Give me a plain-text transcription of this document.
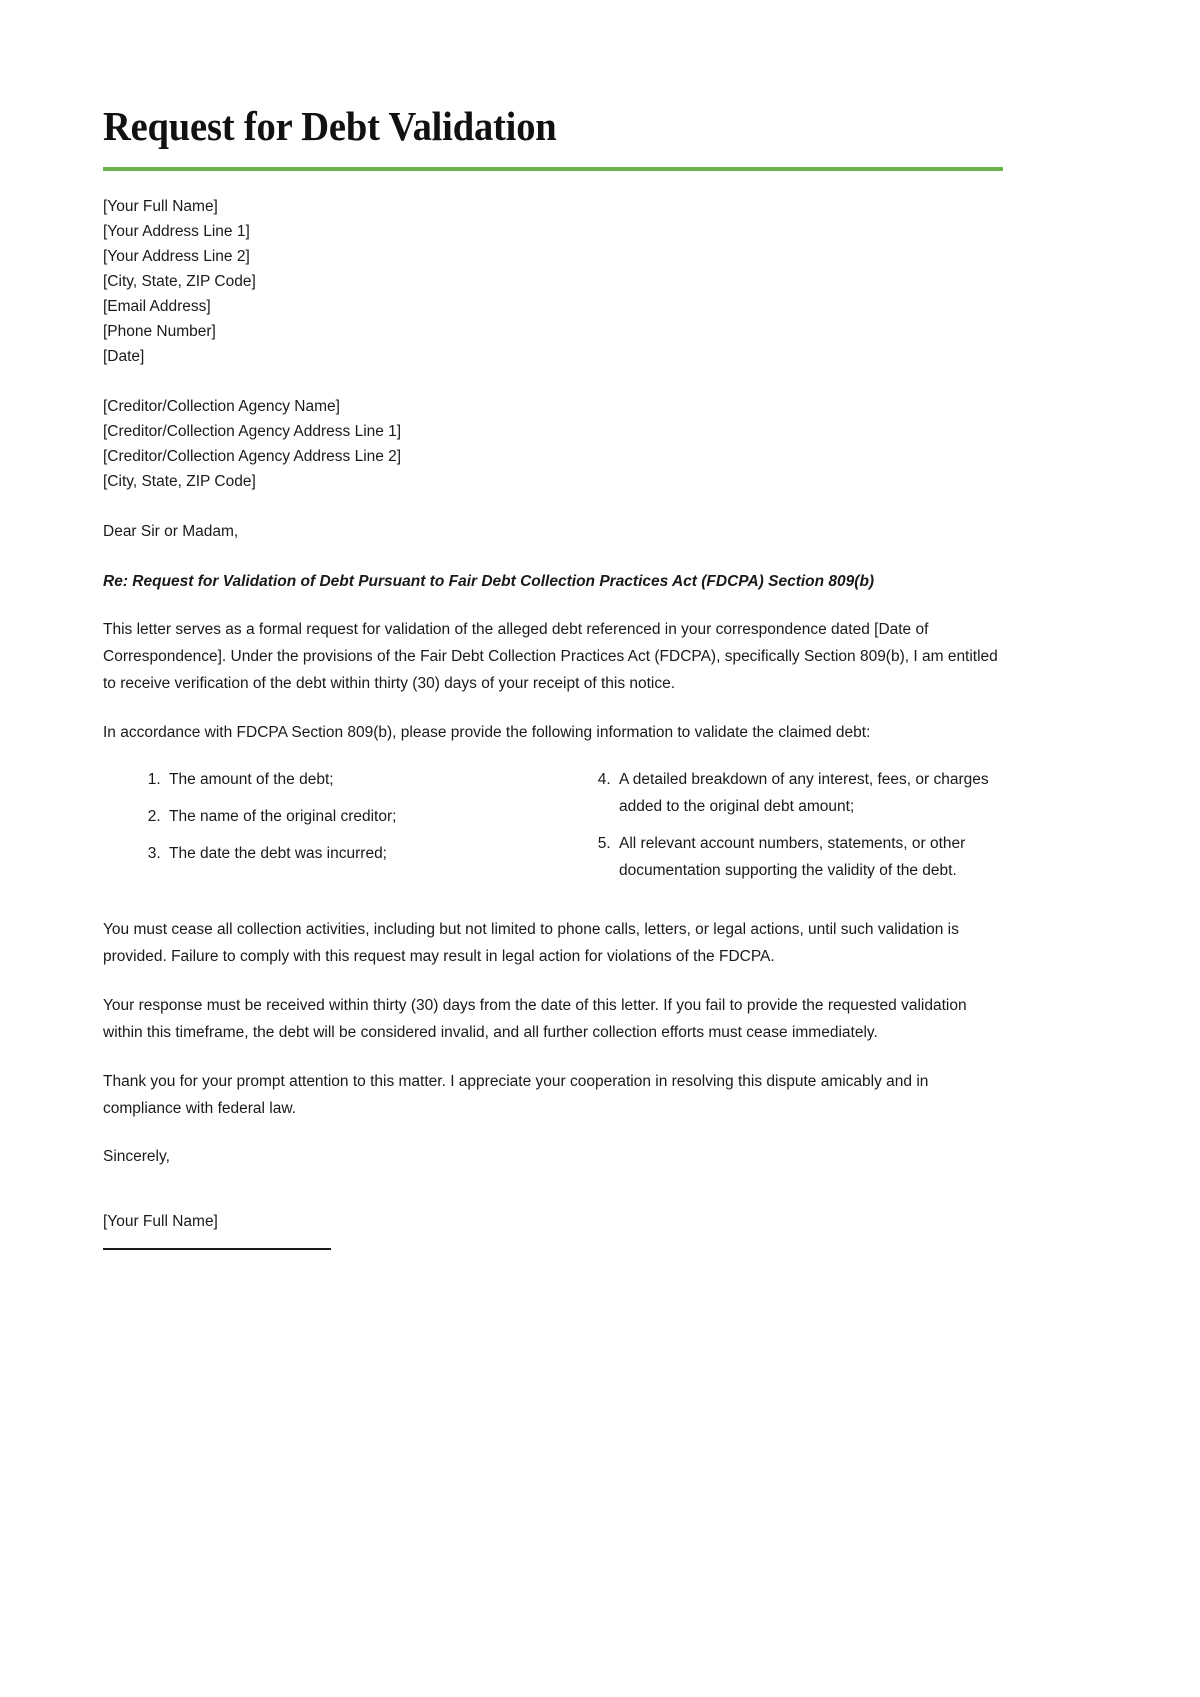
Request for Debt Validation
[Your Full Name]
[Your Address Line 1]
[Your Address Line 2]
[City, State, ZIP Code]
[Email Address]
[Phone Number]
[Date]
[Creditor/Collection Agency Name]
[Creditor/Collection Agency Address Line 1]
[Creditor/Collection Agency Address Line 2]
[City, State, ZIP Code]
Dear Sir or Madam,
Re: Request for Validation of Debt Pursuant to Fair Debt Collection Practices Act (FDCPA) Section 809(b)

This letter serves as a formal request for validation of the alleged debt referenced in your correspondence dated [Date of Correspondence]. Under the provisions of the Fair Debt Collection Practices Act (FDCPA), specifically Section 809(b), I am entitled to receive verification of the debt within thirty (30) days of your receipt of this notice.

In accordance with FDCPA Section 809(b), please provide the following information to validate the claimed debt:

1. The amount of the debt;
2. The name of the original creditor;
3. The date the debt was incurred;
4. A detailed breakdown of any interest, fees, or charges added to the original debt amount;
5. All relevant account numbers, statements, or other documentation supporting the validity of the debt.

You must cease all collection activities, including but not limited to phone calls, letters, or legal actions, until such validation is provided. Failure to comply with this request may result in legal action for violations of the FDCPA.

Your response must be received within thirty (30) days from the date of this letter. If you fail to provide the requested validation within this timeframe, the debt will be considered invalid, and all further collection efforts must cease immediately.

Thank you for your prompt attention to this matter. I appreciate your cooperation in resolving this dispute amicably and in compliance with federal law.

Sincerely,
[Your Full Name]
